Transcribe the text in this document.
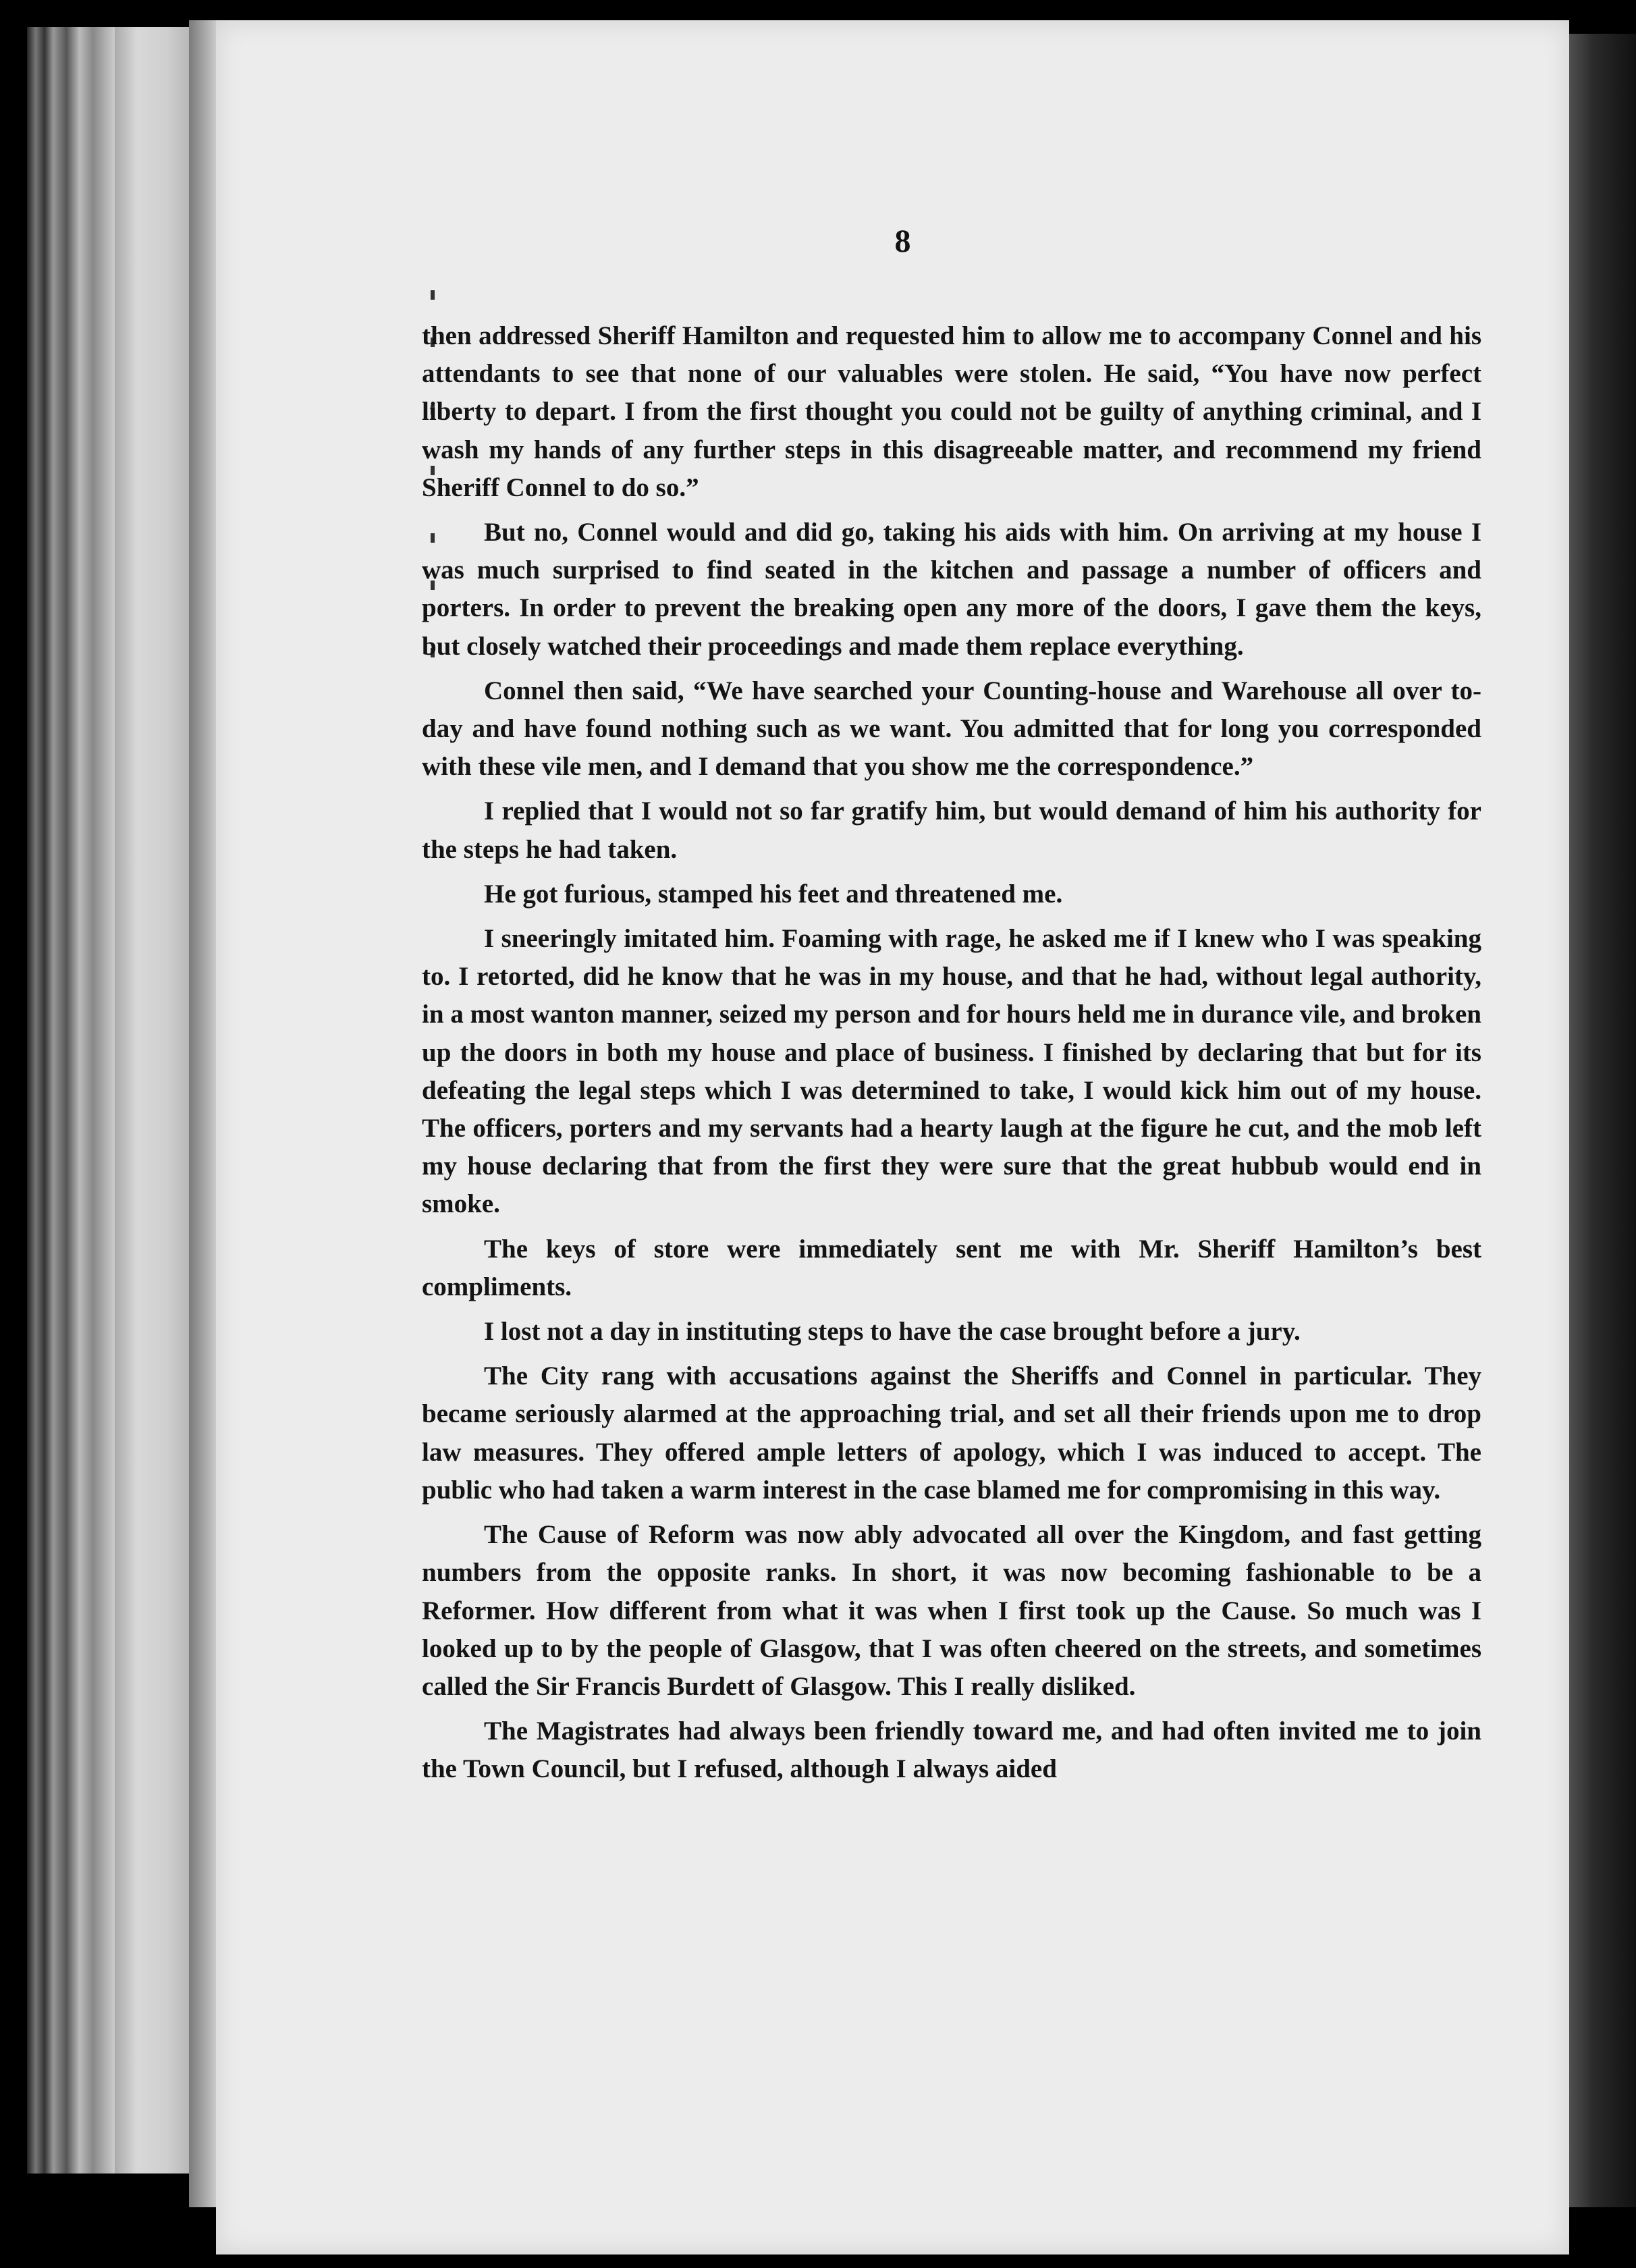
8

then addressed Sheriff Hamilton and requested him to allow me to accompany Connel and his attendants to see that none of our valuables were stolen. He said, “You have now perfect liberty to depart. I from the first thought you could not be guilty of anything criminal, and I wash my hands of any further steps in this disagreeable matter, and recommend my friend Sheriff Connel to do so.”

But no, Connel would and did go, taking his aids with him. On arriving at my house I was much surprised to find seated in the kitchen and passage a number of officers and porters. In order to prevent the breaking open any more of the doors, I gave them the keys, but closely watched their proceedings and made them replace everything.

Connel then said, “We have searched your Counting-house and Warehouse all over to-day and have found nothing such as we want. You admitted that for long you corresponded with these vile men, and I demand that you show me the correspondence.”

I replied that I would not so far gratify him, but would demand of him his authority for the steps he had taken.

He got furious, stamped his feet and threatened me.

I sneeringly imitated him. Foaming with rage, he asked me if I knew who I was speaking to. I retorted, did he know that he was in my house, and that he had, without legal authority, in a most wanton manner, seized my person and for hours held me in durance vile, and broken up the doors in both my house and place of business. I finished by declaring that but for its defeating the legal steps which I was determined to take, I would kick him out of my house. The officers, porters and my servants had a hearty laugh at the figure he cut, and the mob left my house declaring that from the first they were sure that the great hubbub would end in smoke.

The keys of store were immediately sent me with Mr. Sheriff Hamilton’s best compliments.

I lost not a day in instituting steps to have the case brought before a jury.

The City rang with accusations against the Sheriffs and Connel in particular. They became seriously alarmed at the approaching trial, and set all their friends upon me to drop law measures. They offered ample letters of apology, which I was induced to accept. The public who had taken a warm interest in the case blamed me for compromising in this way.

The Cause of Reform was now ably advocated all over the Kingdom, and fast getting numbers from the opposite ranks. In short, it was now becoming fashionable to be a Reformer. How different from what it was when I first took up the Cause. So much was I looked up to by the people of Glasgow, that I was often cheered on the streets, and sometimes called the Sir Francis Burdett of Glasgow. This I really disliked.

The Magistrates had always been friendly toward me, and had often invited me to join the Town Council, but I refused, although I always aided
